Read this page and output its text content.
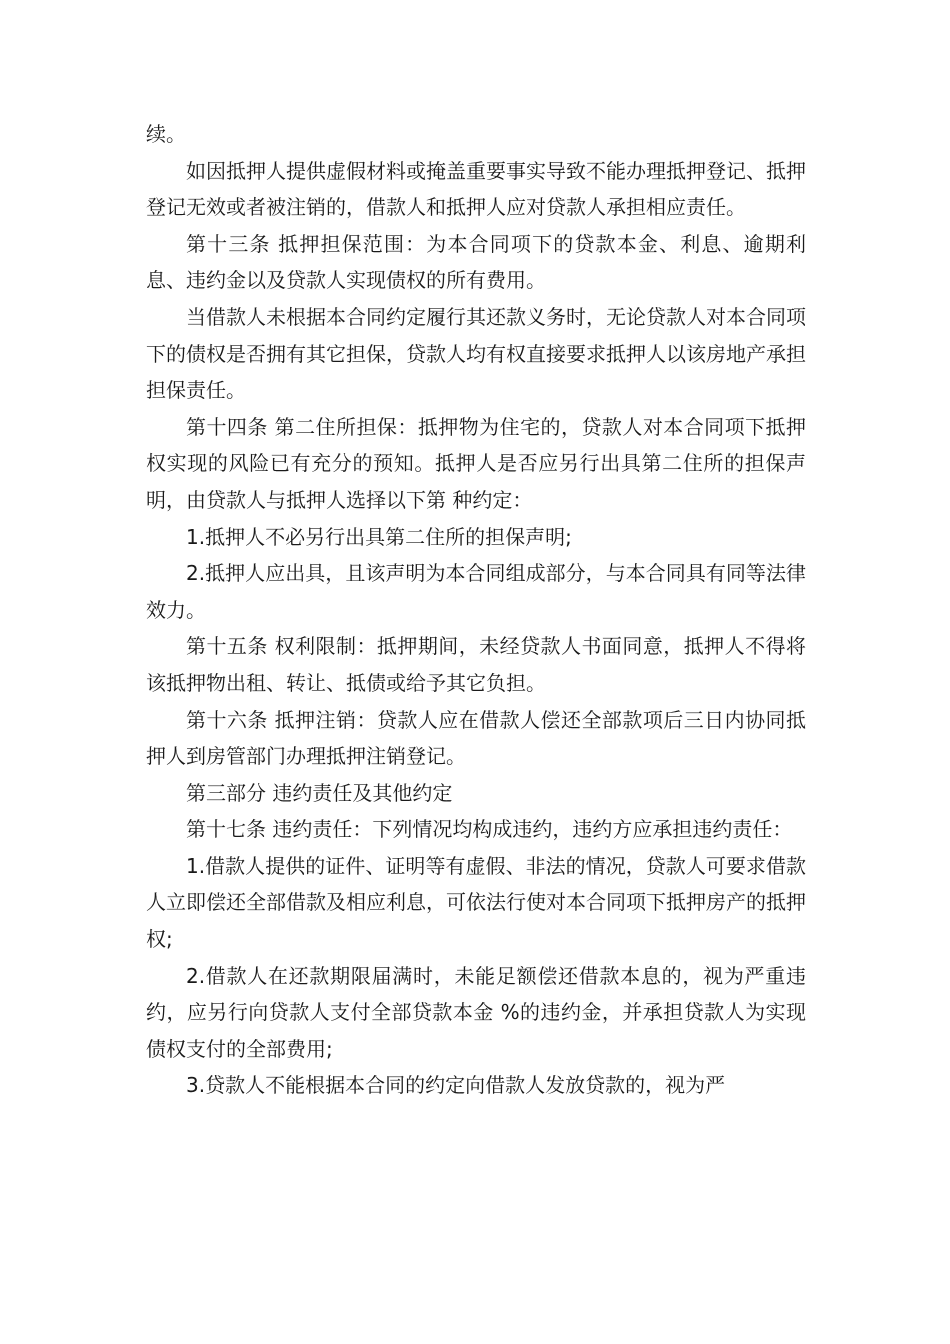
续。

如因抵押人提供虚假材料或掩盖重要事实导致不能办理抵押登记、抵押登记无效或者被注销的，借款人和抵押人应对贷款人承担相应责任。

第十三条 抵押担保范围：为本合同项下的贷款本金、利息、逾期利息、违约金以及贷款人实现债权的所有费用。

当借款人未根据本合同约定履行其还款义务时，无论贷款人对本合同项下的债权是否拥有其它担保，贷款人均有权直接要求抵押人以该房地产承担担保责任。

第十四条 第二住所担保：抵押物为住宅的，贷款人对本合同项下抵押权实现的风险已有充分的预知。抵押人是否应另行出具第二住所的担保声明，由贷款人与抵押人选择以下第 种约定：

1.抵押人不必另行出具第二住所的担保声明;

2.抵押人应出具，且该声明为本合同组成部分，与本合同具有同等法律效力。

第十五条 权利限制：抵押期间，未经贷款人书面同意，抵押人不得将该抵押物出租、转让、抵债或给予其它负担。

第十六条 抵押注销：贷款人应在借款人偿还全部款项后三日内协同抵押人到房管部门办理抵押注销登记。

第三部分 违约责任及其他约定

第十七条 违约责任：下列情况均构成违约，违约方应承担违约责任：

1.借款人提供的证件、证明等有虚假、非法的情况，贷款人可要求借款人立即偿还全部借款及相应利息，可依法行使对本合同项下抵押房产的抵押权;

2.借款人在还款期限届满时，未能足额偿还借款本息的，视为严重违约，应另行向贷款人支付全部贷款本金 %的违约金，并承担贷款人为实现债权支付的全部费用;

3.贷款人不能根据本合同的约定向借款人发放贷款的，视为严
